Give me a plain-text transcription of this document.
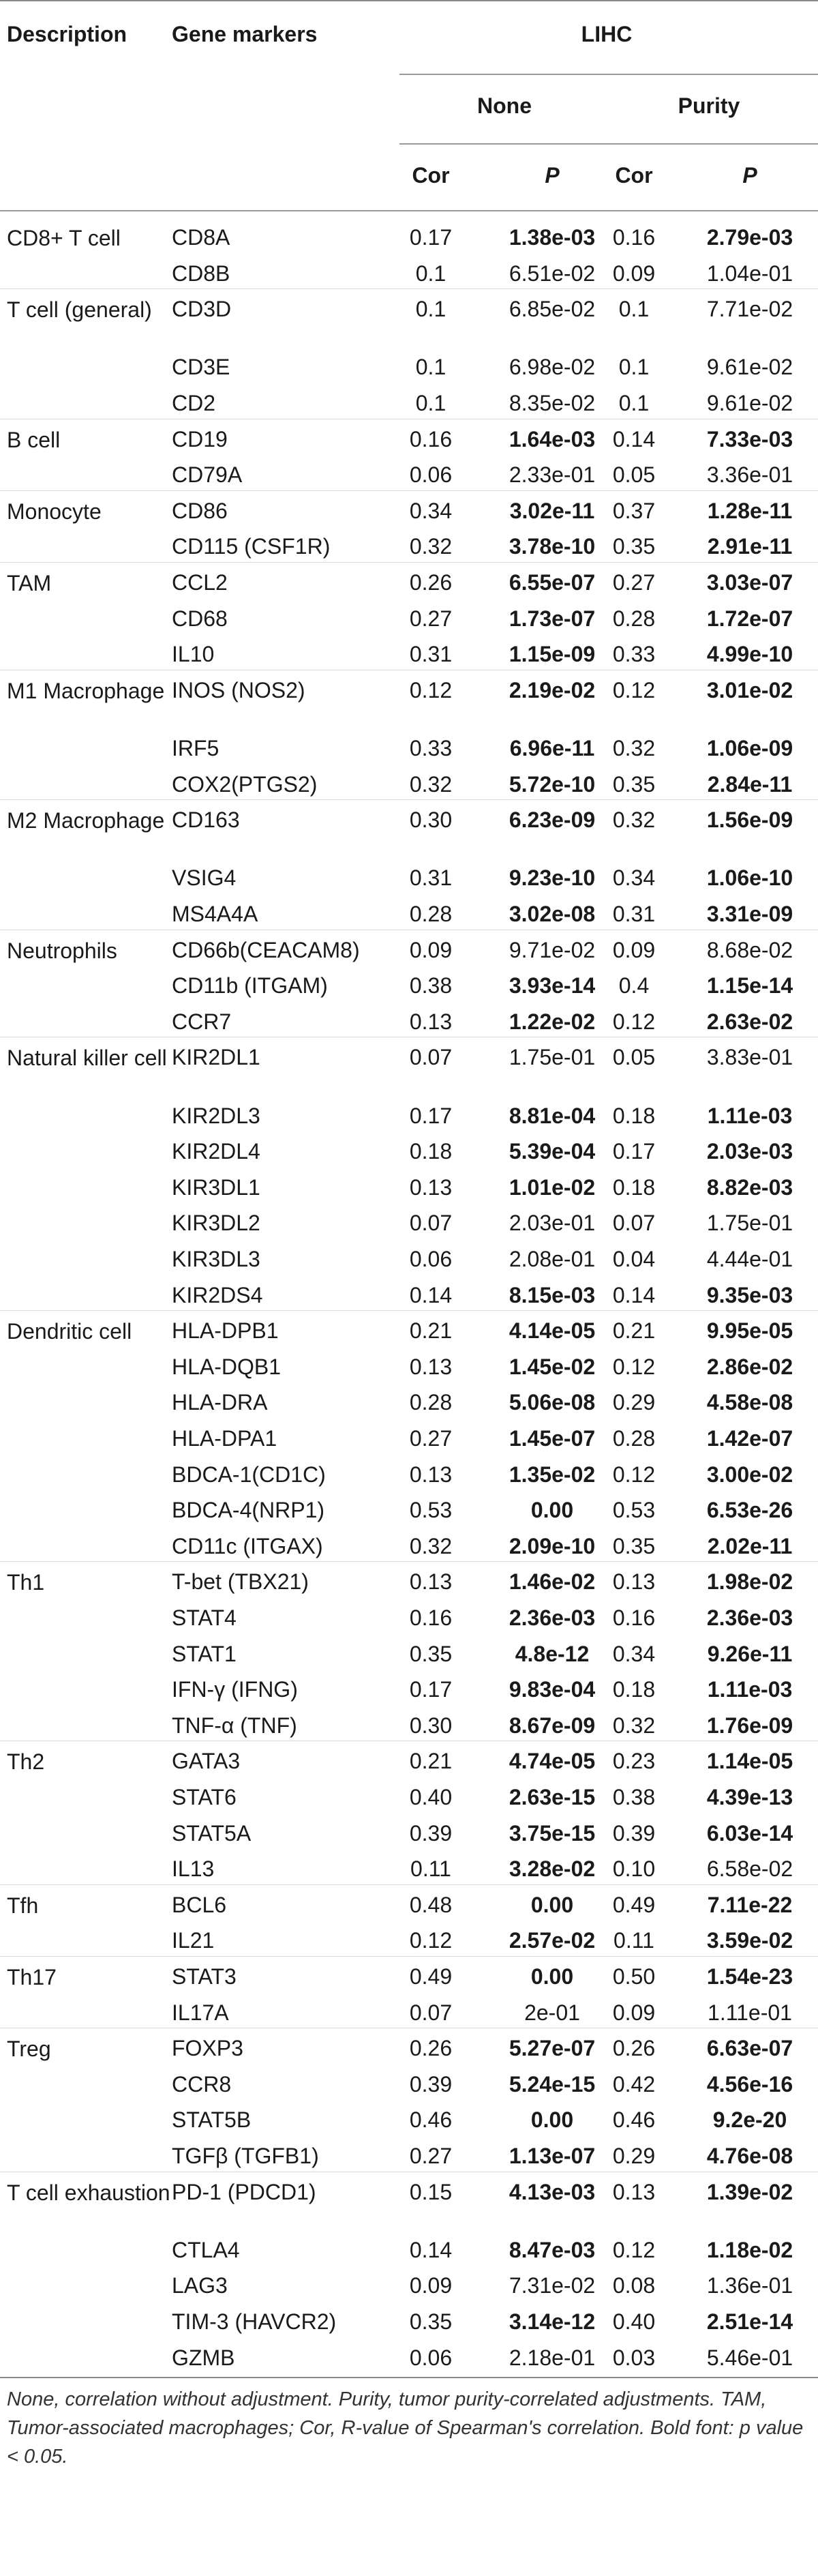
Description Gene markers	LIHC
None	Purity
Cor	P	Cor	P
CD8+ T cell	CD8A	0.17	1.38e-03 0.16 2.79e-03
CD8B	0.1	6.51e-02 0.09 1.04e-01
T cell (general) CD3D	0.1	6.85e-02 0.1	7.71e-02
CD3E	0.1	6.98e-02 0.1	9.61e-02
CD2	0.1	8.35e-02 0.1	9.61e-02
B cell	CD19	0.16	1.64e-03 0.14 7.33e-03
CD79A	0.06	2.33e-01 0.05 3.36e-01
Monocyte	CD86	0.34	3.02e-11 0.37 1.28e-11
CD115 (CSF1R)	0.32	3.78e-10 0.35 2.91e-11
TAM	CCL2	0.26	6.55e-07 0.27 3.03e-07
CD68	0.27	1.73e-07 0.28 1.72e-07
IL10	0.31	1.15e-09 0.33 4.99e-10
M1 Macrophage INOS (NOS2)	0.12	2.19e-02 0.12 3.01e-02
IRF5	0.33	6.96e-11 0.32 1.06e-09
COX2(PTGS2)	0.32	5.72e-10 0.35 2.84e-11
M2 Macrophage CD163	0.30	6.23e-09 0.32 1.56e-09
VSIG4	0.31	9.23e-10 0.34 1.06e-10
MS4A4A	0.28	3.02e-08 0.31 3.31e-09
Neutrophils	CD66b(CEACAM8) 0.09	9.71e-02 0.09 8.68e-02
CD11b (ITGAM)	0.38	3.93e-14 0.4	1.15e-14
CCR7	0.13	1.22e-02 0.12 2.63e-02
Natural killer cell KIR2DL1	0.07	1.75e-01 0.05 3.83e-01
KIR2DL3	0.17	8.81e-04 0.18 1.11e-03
KIR2DL4	0.18	5.39e-04 0.17 2.03e-03
KIR3DL1	0.13	1.01e-02 0.18 8.82e-03
KIR3DL2	0.07	2.03e-01 0.07 1.75e-01
KIR3DL3	0.06	2.08e-01 0.04 4.44e-01
KIR2DS4	0.14	8.15e-03 0.14 9.35e-03
Dendritic cell	HLA-DPB1	0.21	4.14e-05 0.21 9.95e-05
HLA-DQB1	0.13	1.45e-02 0.12 2.86e-02
HLA-DRA	0.28	5.06e-08 0.29 4.58e-08
HLA-DPA1	0.27	1.45e-07 0.28 1.42e-07
BDCA-1(CD1C)	0.13	1.35e-02 0.12 3.00e-02
BDCA-4(NRP1)	0.53	0.00 0.53 6.53e-26
CD11c (ITGAX)	0.32	2.09e-10 0.35 2.02e-11
Th1	T-bet (TBX21)	0.13	1.46e-02 0.13 1.98e-02
STAT4	0.16	2.36e-03 0.16 2.36e-03
STAT1	0.35	4.8e-12 0.34 9.26e-11
IFN-γ (IFNG)	0.17	9.83e-04 0.18 1.11e-03
TNF-α (TNF)	0.30	8.67e-09 0.32 1.76e-09
Th2	GATA3	0.21	4.74e-05 0.23 1.14e-05
STAT6	0.40	2.63e-15 0.38 4.39e-13
STAT5A	0.39	3.75e-15 0.39 6.03e-14
IL13	0.11	3.28e-02 0.10 6.58e-02
Tfh	BCL6	0.48	0.00 0.49 7.11e-22
IL21	0.12	2.57e-02 0.11 3.59e-02
Th17	STAT3	0.49	0.00 0.50 1.54e-23
IL17A	0.07	2e-01 0.09 1.11e-01
Treg	FOXP3	0.26	5.27e-07 0.26 6.63e-07
CCR8	0.39	5.24e-15 0.42 4.56e-16
STAT5B	0.46	0.00 0.46	9.2e-20
TGFβ (TGFB1)	0.27	1.13e-07 0.29 4.76e-08
T cell exhaustion PD-1 (PDCD1)	0.15	4.13e-03 0.13 1.39e-02
CTLA4	0.14	8.47e-03 0.12 1.18e-02
LAG3	0.09	7.31e-02 0.08 1.36e-01
TIM-3 (HAVCR2)	0.35	3.14e-12 0.40 2.51e-14
GZMB	0.06	2.18e-01 0.03 5.46e-01
None, correlation without adjustment. Purity, tumor purity-correlated adjustments. TAM, Tumor-associated macrophages; Cor, R-value of Spearman's correlation. Bold font: p value < 0.05.
